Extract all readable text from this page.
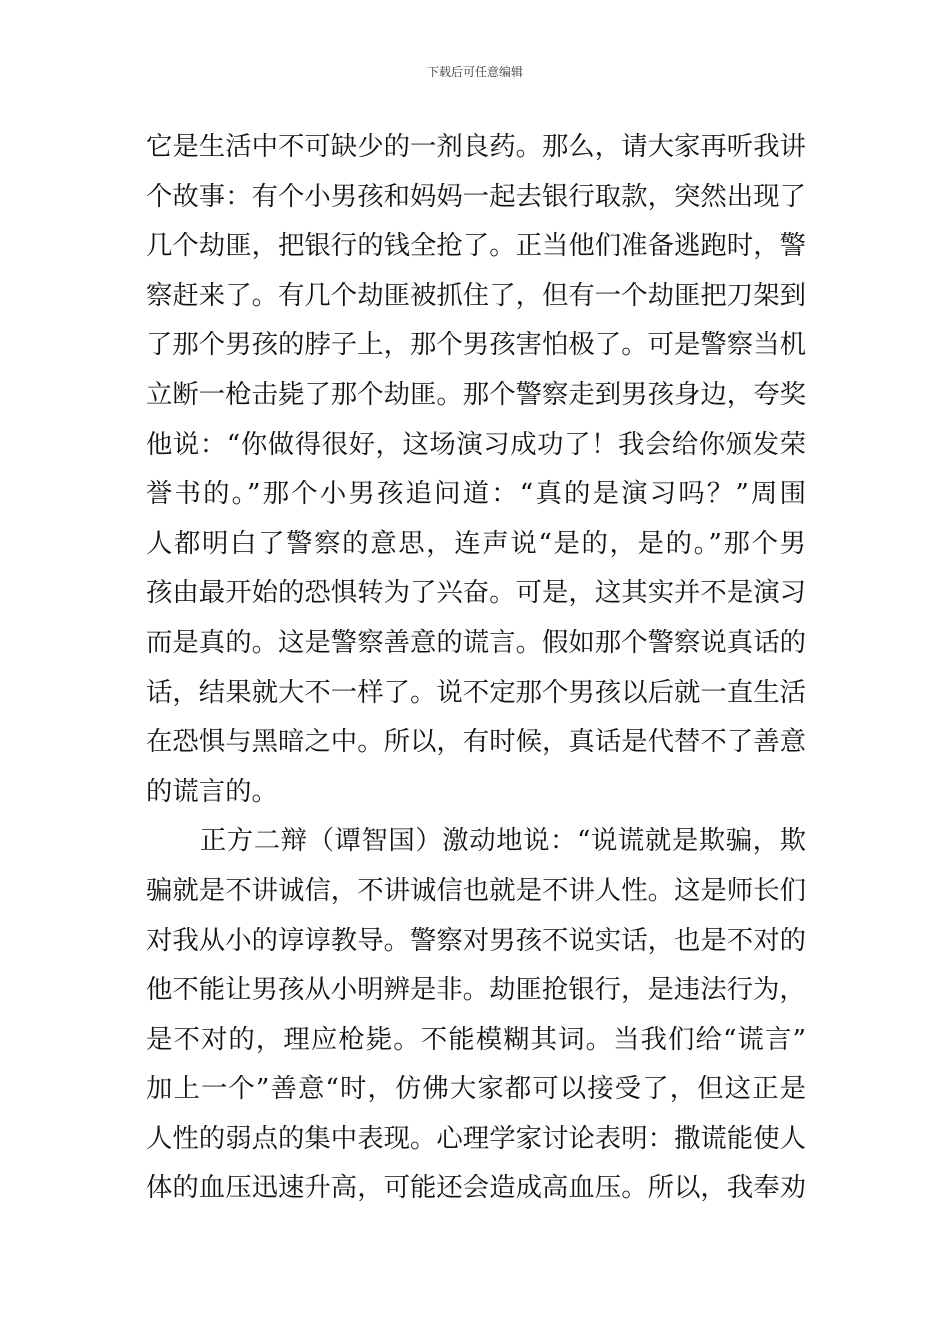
下载后可任意编辑
它是生活中不可缺少的一剂良药。那么，请大家再听我讲
个故事：有个小男孩和妈妈一起去银行取款，突然出现了
几个劫匪，把银行的钱全抢了。正当他们准备逃跑时，警
察赶来了。有几个劫匪被抓住了，但有一个劫匪把刀架到
了那个男孩的脖子上，那个男孩害怕极了。可是警察当机
立断一枪击毙了那个劫匪。那个警察走到男孩身边，夸奖
他说：“你做得很好，这场演习成功了！我会给你颁发荣
誉书的。”那个小男孩追问道：“真的是演习吗？”周围
人都明白了警察的意思，连声说“是的，是的。”那个男
孩由最开始的恐惧转为了兴奋。可是，这其实并不是演习
而是真的。这是警察善意的谎言。假如那个警察说真话的
话，结果就大不一样了。说不定那个男孩以后就一直生活
在恐惧与黑暗之中。所以，有时候，真话是代替不了善意
的谎言的。
　　正方二辩（谭智国）激动地说：“说谎就是欺骗，欺
骗就是不讲诚信，不讲诚信也就是不讲人性。这是师长们
对我从小的谆谆教导。警察对男孩不说实话，也是不对的
他不能让男孩从小明辨是非。劫匪抢银行，是违法行为，
是不对的，理应枪毙。不能模糊其词。当我们给“谎言”
加上一个”善意“时，仿佛大家都可以接受了，但这正是
人性的弱点的集中表现。心理学家讨论表明：撒谎能使人
体的血压迅速升高，可能还会造成高血压。所以，我奉劝
